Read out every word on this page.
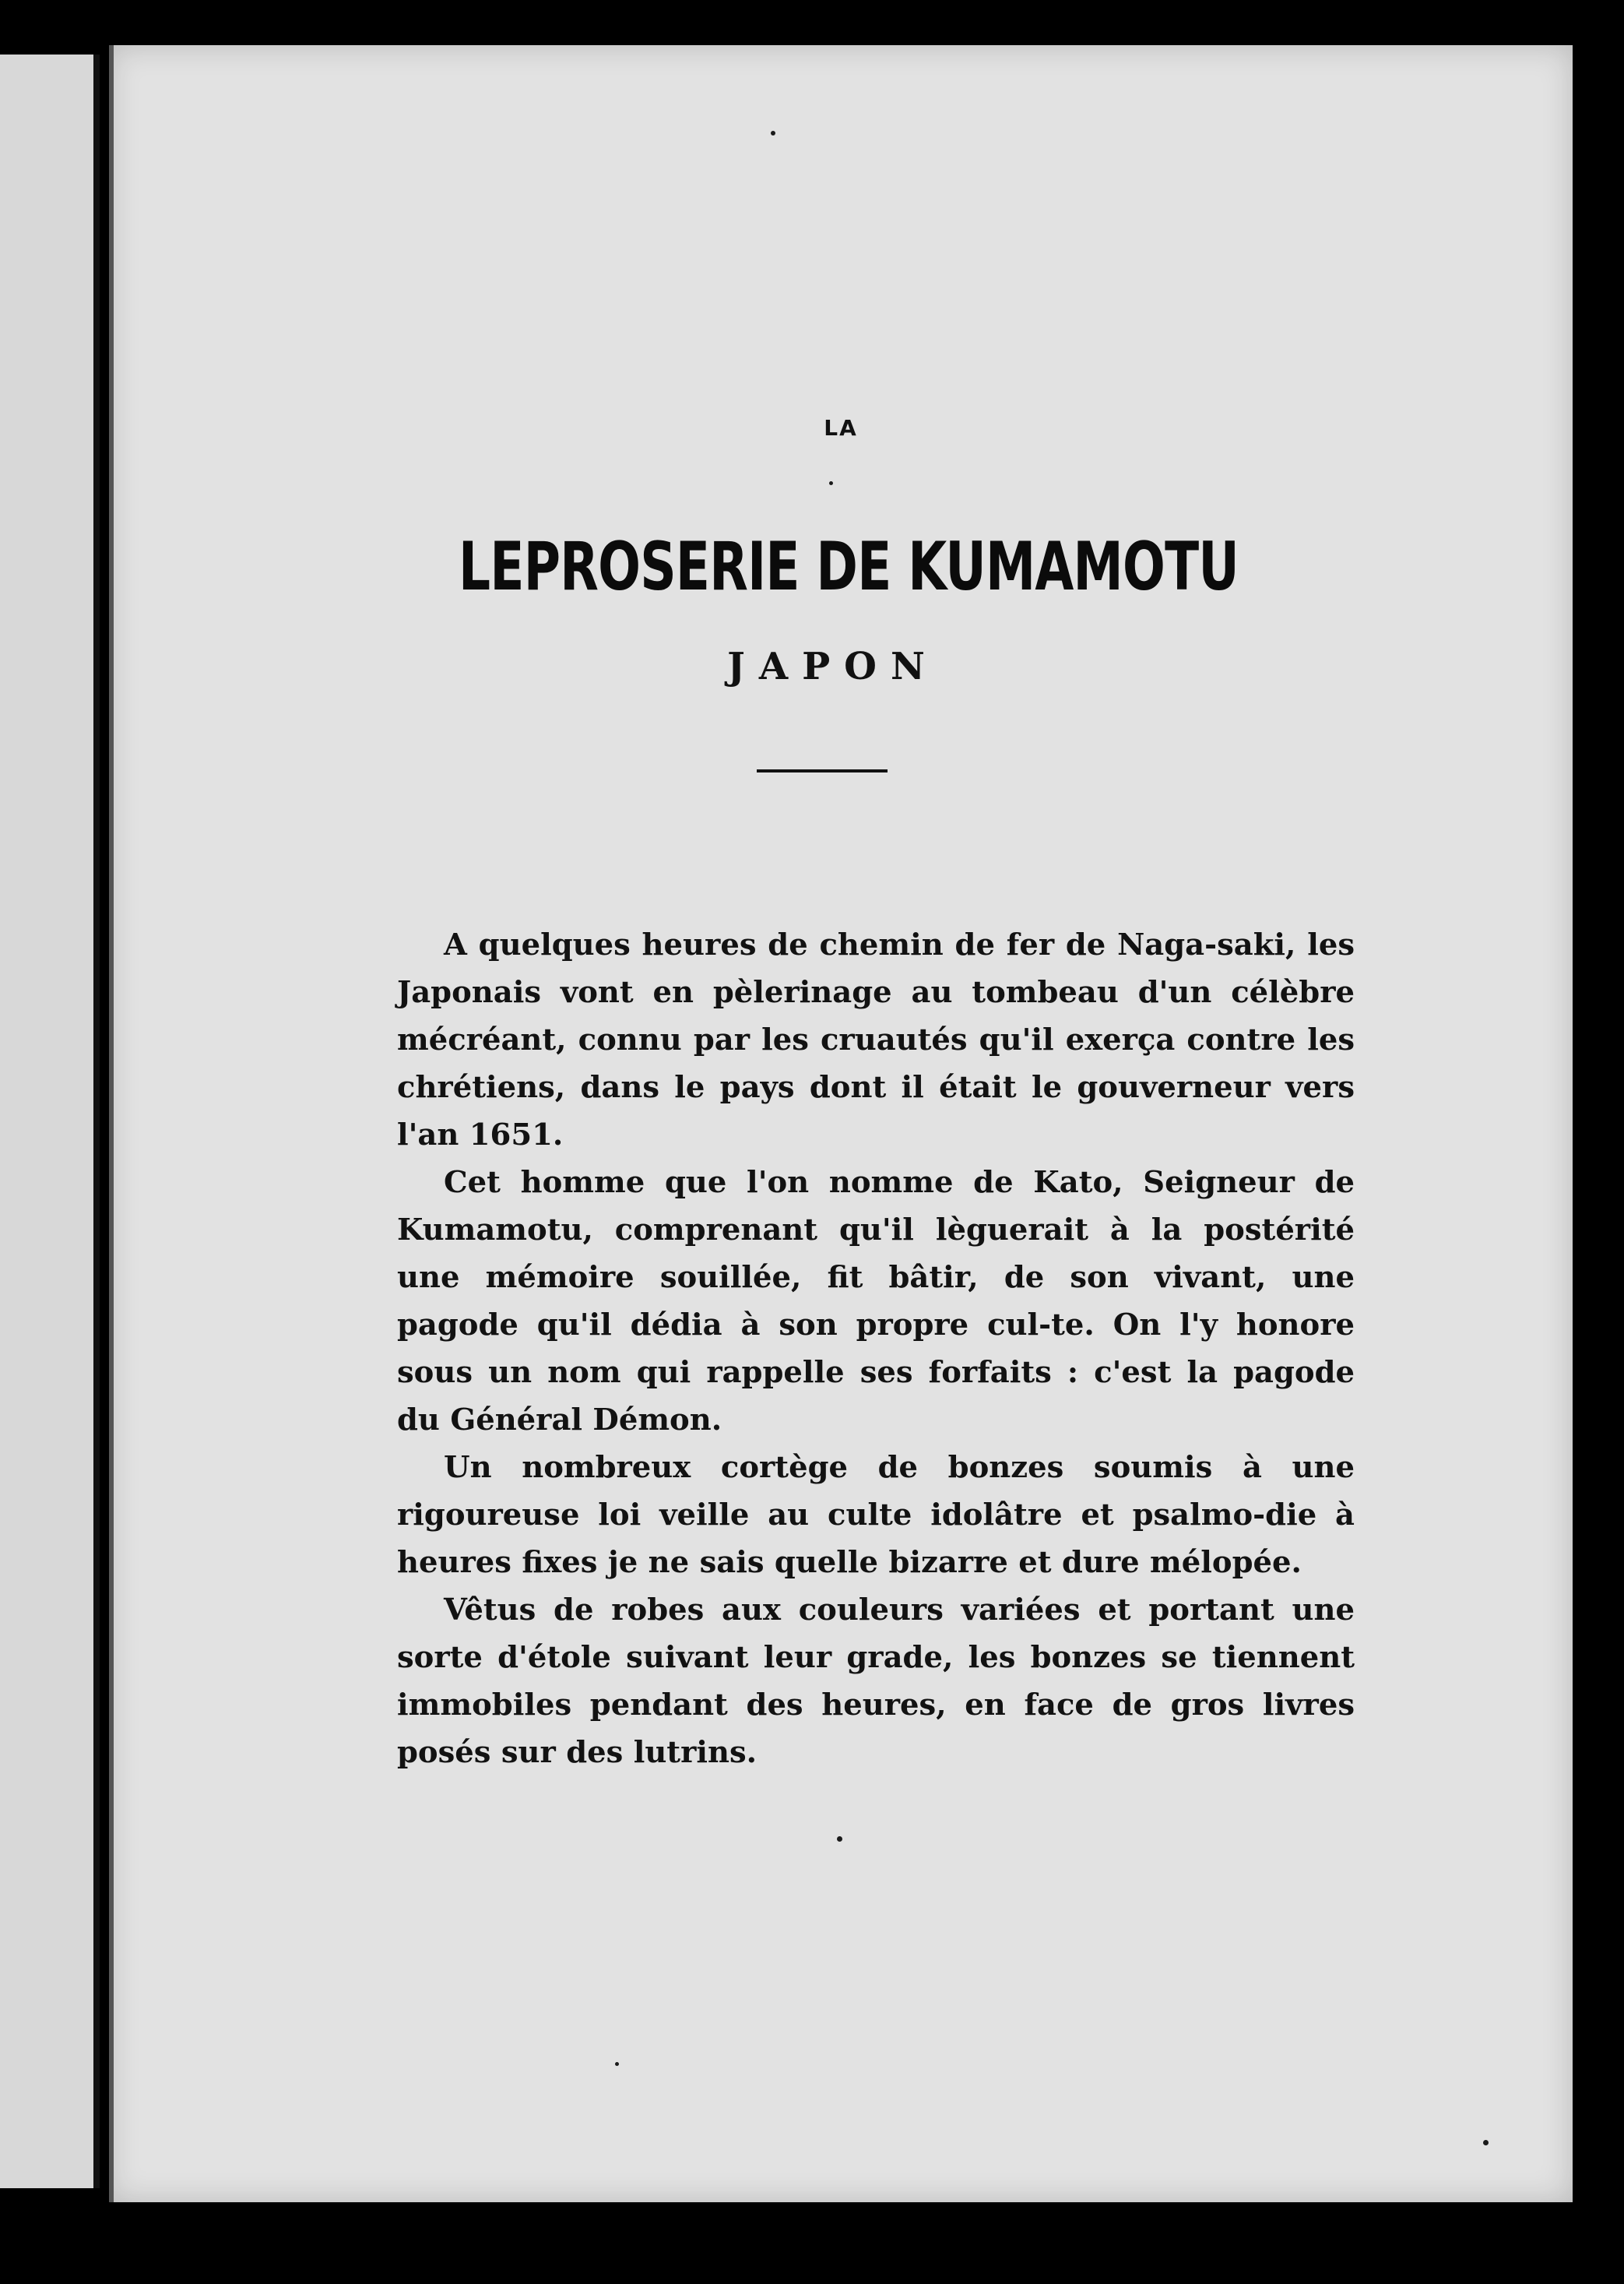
LA
LEPROSERIE DE KUMAMOTU
JAPON

A quelques heures de chemin de fer de Naga-saki, les Japonais vont en pèlerinage au tombeau d'un célèbre mécréant, connu par les cruautés qu'il exerça contre les chrétiens, dans le pays dont il était le gouverneur vers l'an 1651.

Cet homme que l'on nomme de Kato, Seigneur de Kumamotu, comprenant qu'il lèguerait à la postérité une mémoire souillée, fit bâtir, de son vivant, une pagode qu'il dédia à son propre cul-te. On l'y honore sous un nom qui rappelle ses forfaits : c'est la pagode du Général Démon.

Un nombreux cortège de bonzes soumis à une rigoureuse loi veille au culte idolâtre et psalmo-die à heures fixes je ne sais quelle bizarre et dure mélopée.

Vêtus de robes aux couleurs variées et portant une sorte d'étole suivant leur grade, les bonzes se tiennent immobiles pendant des heures, en face de gros livres posés sur des lutrins.
